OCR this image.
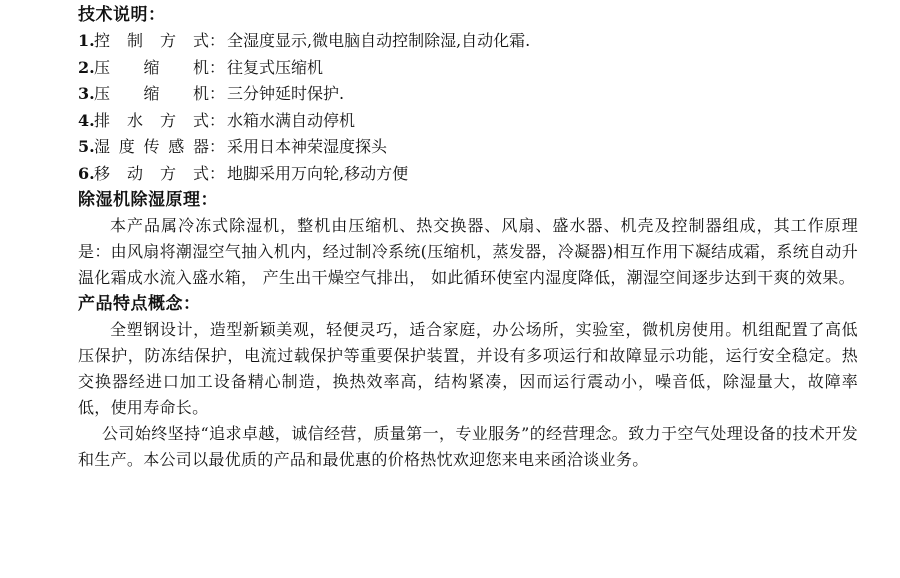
技术说明：
1. 控制方式 ： 全湿度显示,微电脑自动控制除湿,自动化霜.
2. 压缩机 ： 往复式压缩机
3. 压缩机 ： 三分钟延时保护.
4. 排水方式 ： 水箱水满自动停机
5. 湿度传感器 ： 采用日本神荣湿度探头
6. 移动方式 ： 地脚采用万向轮,移动方便
除湿机除湿原理：

本产品属冷冻式除湿机，整机由压缩机、热交换器、风扇、盛水器、机壳及控制器组成，其工作原理是：由风扇将潮湿空气抽入机内，经过制冷系统(压缩机，蒸发器，冷凝器)相互作用下凝结成霜，系统自动升温化霜成水流入盛水箱， 产生出干燥空气排出， 如此循环使室内湿度降低，潮湿空间逐步达到干爽的效果。

产品特点概念：

全塑钢设计，造型新颖美观，轻便灵巧，适合家庭，办公场所，实验室，微机房使用。机组配置了高低压保护，防冻结保护，电流过载保护等重要保护装置，并设有多项运行和故障显示功能，运行安全稳定。热交换器经进口加工设备精心制造，换热效率高，结构紧凑，因而运行震动小，噪音低，除湿量大，故障率低，使用寿命长。

公司始终坚持“追求卓越，诚信经营，质量第一，专业服务”的经营理念。致力于空气处理设备的技术开发和生产。本公司以最优质的产品和最优惠的价格热忱欢迎您来电来函洽谈业务。
